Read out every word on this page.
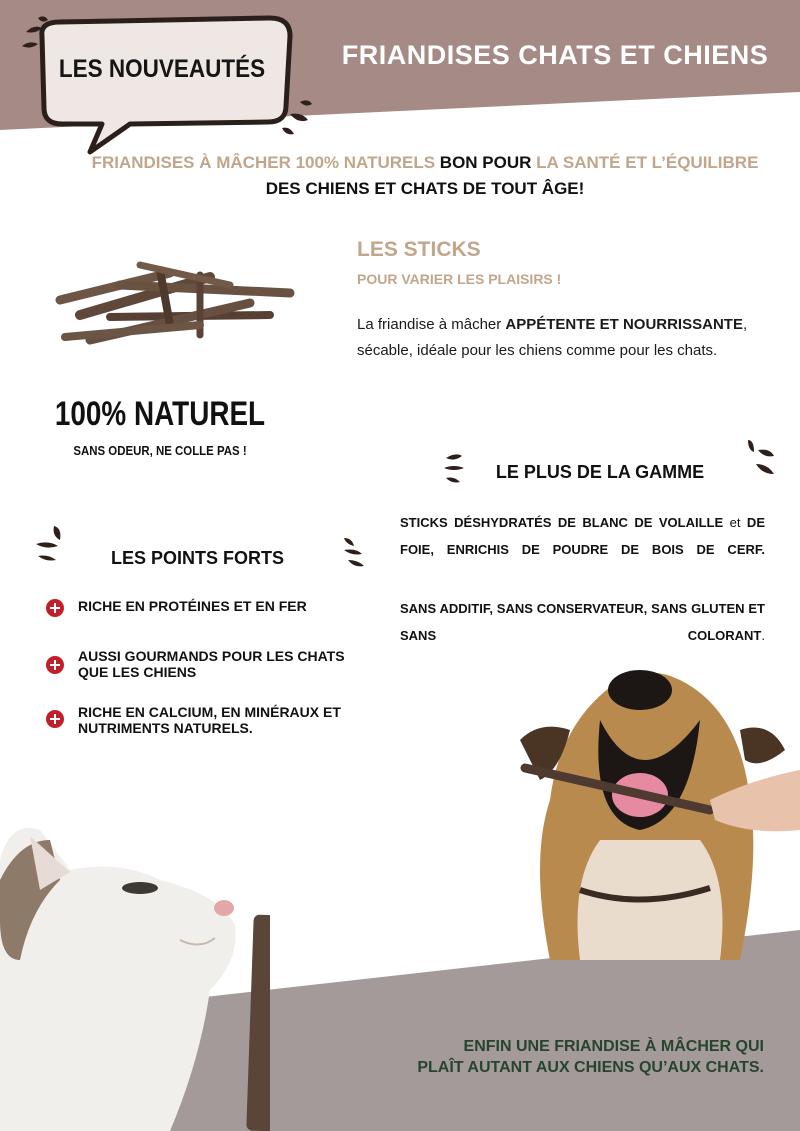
FRIANDISES CHATS ET CHIENS
LES NOUVEAUTÉS
FRIANDISES À MÂCHER 100% NATURELS BON POUR LA SANTÉ ET L’ÉQUILIBRE DES CHIENS ET CHATS DE TOUT ÂGE!
LES STICKS
POUR VARIER LES PLAISIRS !
La friandise à mâcher APPÉTENTE ET NOURRISSANTE, sécable, idéale pour les chiens comme pour les chats.
100% NATUREL
SANS ODEUR, NE COLLE PAS !
LE PLUS DE LA GAMME
STICKS DÉSHYDRATÉS DE BLANC DE VOLAILLE et DE FOIE, ENRICHIS DE POUDRE DE BOIS DE CERF.
SANS ADDITIF, SANS CONSERVATEUR, SANS GLUTEN ET SANS COLORANT.
LES POINTS FORTS
RICHE EN PROTÉINES ET EN FER
AUSSI GOURMANDS POUR LES CHATS QUE LES CHIENS
RICHE EN CALCIUM, EN MINÉRAUX ET NUTRIMENTS NATURELS.
ENFIN UNE FRIANDISE À MÂCHER QUI
PLAÎT AUTANT AUX CHIENS QU’AUX CHATS.
